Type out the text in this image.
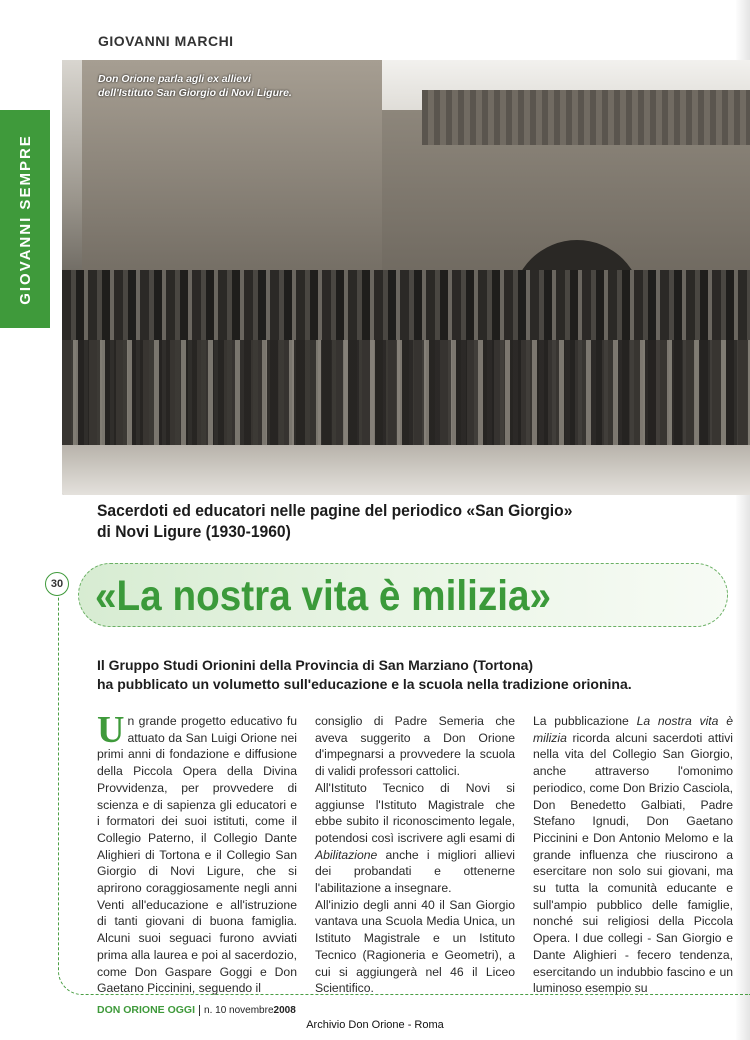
GIOVANNI MARCHI
GIOVANNI SEMPRE
Don Orione parla agli ex allievi
dell'Istituto San Giorgio di Novi Ligure.
Sacerdoti ed educatori nelle pagine del periodico «San Giorgio»
di Novi Ligure (1930-1960)
«La nostra vita è milizia»
30
Il Gruppo Studi Orionini della Provincia di San Marziano (Tortona)
ha pubblicato un volumetto sull'educazione e la scuola nella tradizione orionina.

Un grande progetto educativo fu attuato da San Luigi Orione nei primi anni di fondazione e diffusione della Piccola Opera della Divina Provvidenza, per provvedere di scienza e di sapienza gli educatori e i formatori dei suoi istituti, come il Collegio Paterno, il Collegio Dante Alighieri di Tortona e il Collegio San Giorgio di Novi Ligure, che si aprirono coraggiosamente negli anni Venti all'educazione e all'istruzione di tanti giovani di buona famiglia. Alcuni suoi seguaci furono avviati prima alla laurea e poi al sacerdozio, come Don Gaspare Goggi e Don Gaetano Piccinini, seguendo il

consiglio di Padre Semeria che aveva suggerito a Don Orione d'impegnarsi a provvedere la scuola di validi professori cattolici.

All'Istituto Tecnico di Novi si aggiunse l'Istituto Magistrale che ebbe subito il riconoscimento legale, potendosi così iscrivere agli esami di Abilitazione anche i migliori allievi dei probandati e ottenerne l'abilitazione a insegnare.

All'inizio degli anni 40 il San Giorgio vantava una Scuola Media Unica, un Istituto Magistrale e un Istituto Tecnico (Ragioneria e Geometri), a cui si aggiungerà nel 46 il Liceo Scientifico.

La pubblicazione La nostra vita è milizia ricorda alcuni sacerdoti attivi nella vita del Collegio San Giorgio, anche attraverso l'omonimo periodico, come Don Brizio Casciola, Don Benedetto Galbiati, Padre Stefano Ignudi, Don Gaetano Piccinini e Don Antonio Melomo e la grande influenza che riuscirono a esercitare non solo sui giovani, ma su tutta la comunità educante e sull'ampio pubblico delle famiglie, nonché sui religiosi della Piccola Opera. I due collegi - San Giorgio e Dante Alighieri - fecero tendenza, esercitando un indubbio fascino e un luminoso esempio su

DON ORIONE OGGI n. 10 novembre2008
Archivio Don Orione - Roma
